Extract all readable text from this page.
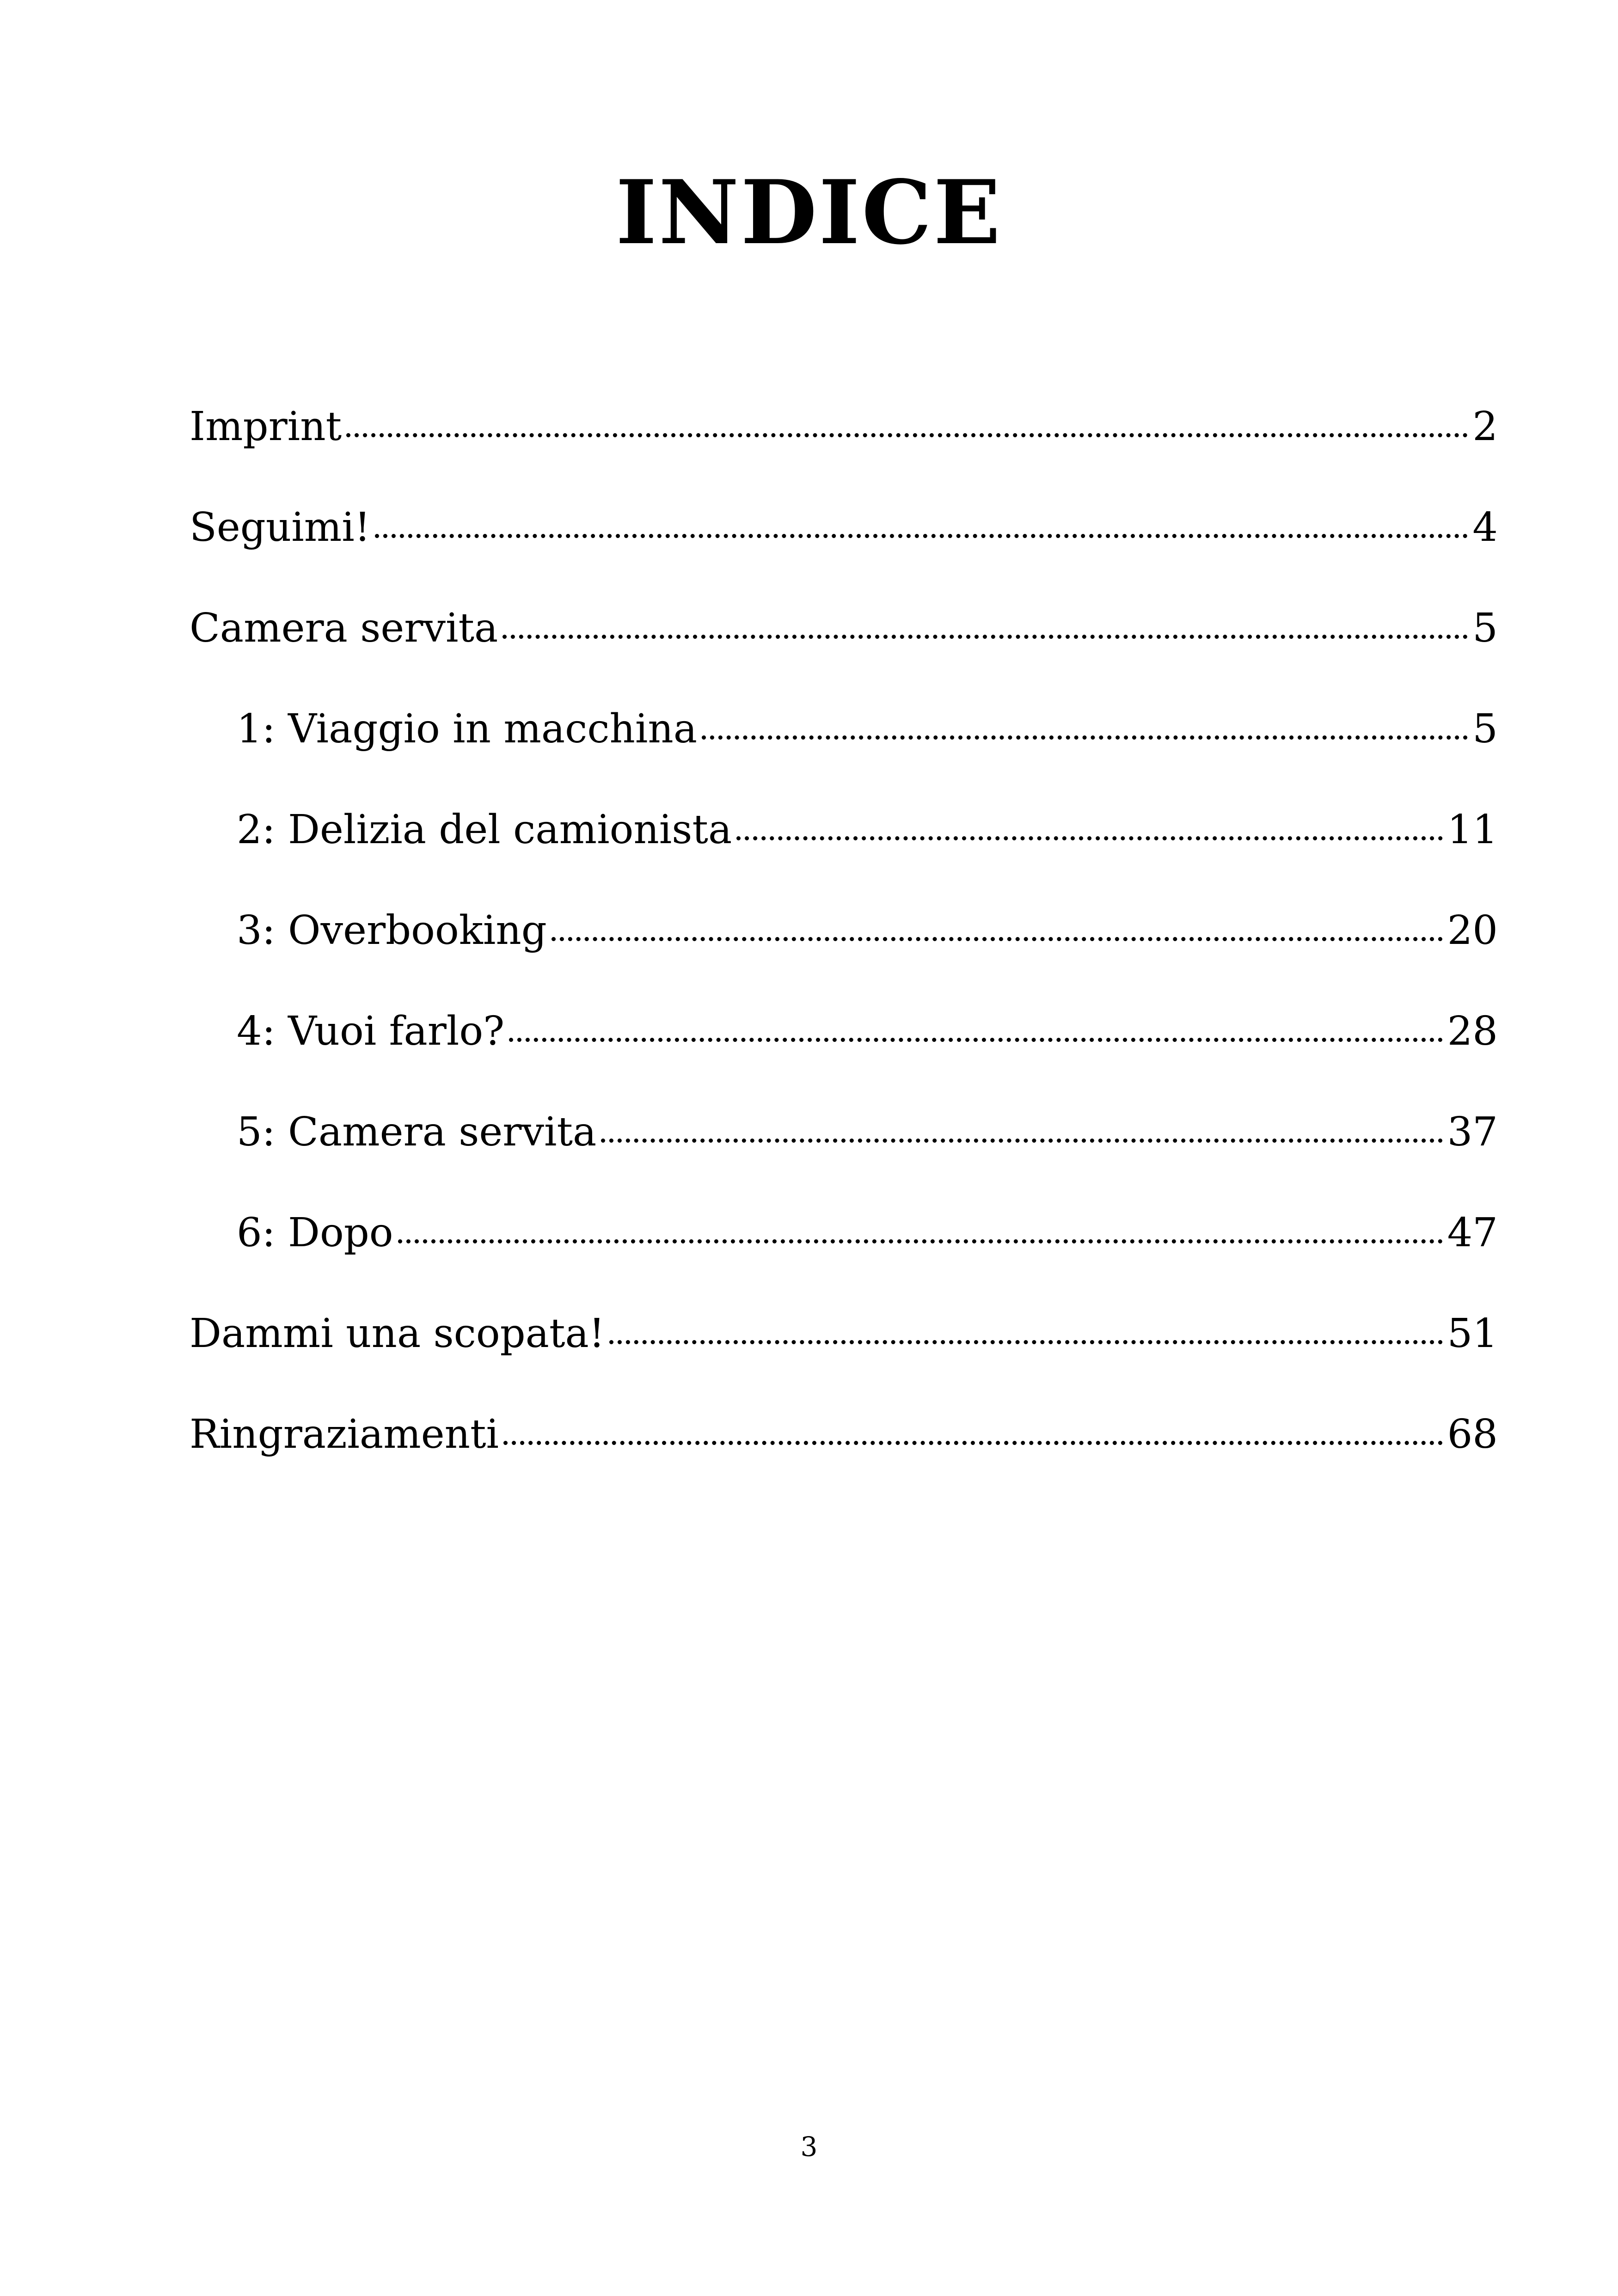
INDICE
Imprint	2
Seguimi!	4
Camera servita	5
1: Viaggio in macchina	5
2: Delizia del camionista	11
3: Overbooking	20
4: Vuoi farlo?	28
5: Camera servita	37
6: Dopo	47
Dammi una scopata!	51
Ringraziamenti	68
3
